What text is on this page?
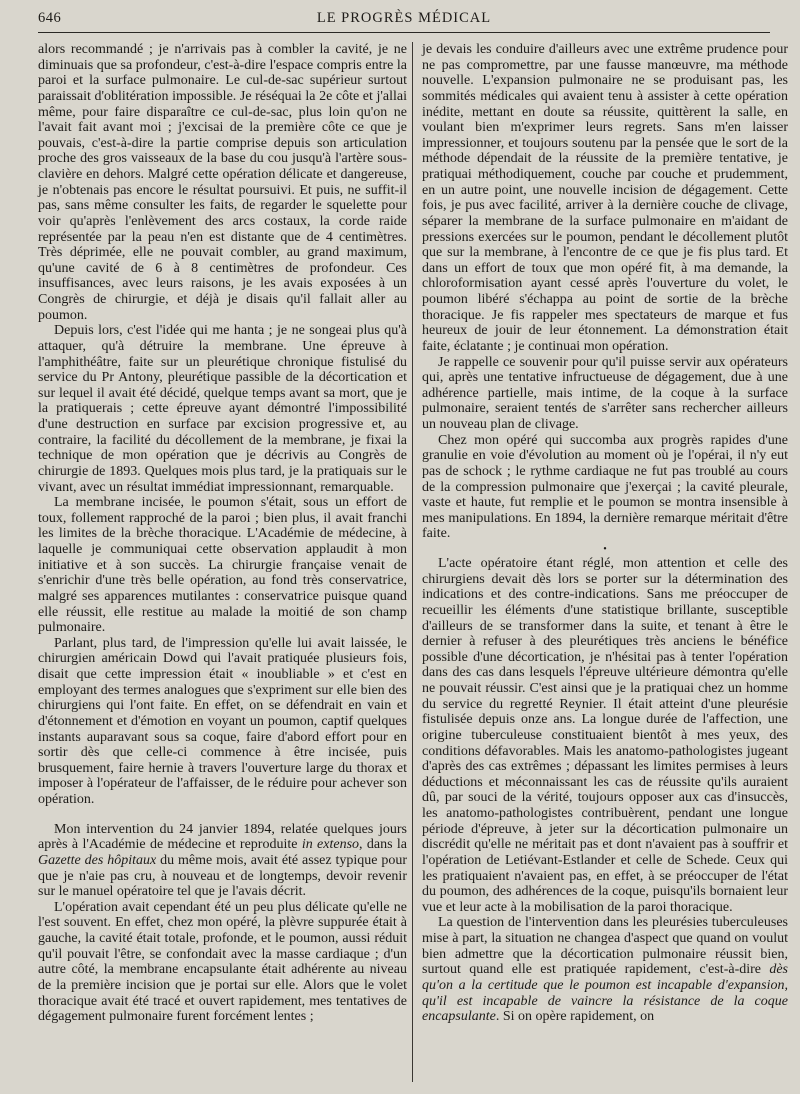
646	LE PROGRÈS MÉDICAL

alors recommandé ; je n'arrivais pas à combler la cavité, je ne diminuais que sa profondeur, c'est-à-dire l'espace compris entre la paroi et la surface pulmonaire. Le cul-de-sac supérieur surtout paraissait d'oblitération impossible. Je réséquai la 2e côte et j'allai même, pour faire disparaître ce cul-de-sac, plus loin qu'on ne l'avait fait avant moi ; j'excisai de la première côte ce que je pouvais, c'est-à-dire la partie comprise depuis son articulation proche des gros vaisseaux de la base du cou jusqu'à l'artère sous-clavière en dehors. Malgré cette opération délicate et dangereuse, je n'obtenais pas encore le résultat poursuivi. Et puis, ne suffit-il pas, sans même consulter les faits, de regarder le squelette pour voir qu'après l'enlèvement des arcs costaux, la corde raide représentée par la peau n'en est distante que de 4 centimètres. Très déprimée, elle ne pouvait combler, au grand maximum, qu'une cavité de 6 à 8 centimètres de profondeur. Ces insuffisances, avec leurs raisons, je les avais exposées à un Congrès de chirurgie, et déjà je disais qu'il fallait aller au poumon.

Depuis lors, c'est l'idée qui me hanta ; je ne songeai plus qu'à attaquer, qu'à détruire la membrane. Une épreuve à l'amphithéâtre, faite sur un pleurétique chronique fistulisé du service du Pr Antony, pleurétique passible de la décortication et sur lequel il avait été décidé, quelque temps avant sa mort, que je la pratiquerais ; cette épreuve ayant démontré l'impossibilité d'une destruction en surface par excision progressive et, au contraire, la facilité du décollement de la membrane, je fixai la technique de mon opération que je décrivis au Congrès de chirurgie de 1893. Quelques mois plus tard, je la pratiquais sur le vivant, avec un résultat immédiat impressionnant, remarquable.

La membrane incisée, le poumon s'était, sous un effort de toux, follement rapproché de la paroi ; bien plus, il avait franchi les limites de la brèche thoracique. L'Académie de médecine, à laquelle je communiquai cette observation applaudit à mon initiative et à son succès. La chirurgie française venait de s'enrichir d'une très belle opération, au fond très conservatrice, malgré ses apparences mutilantes : conservatrice puisque quand elle réussit, elle restitue au malade la moitié de son champ pulmonaire.

Parlant, plus tard, de l'impression qu'elle lui avait laissée, le chirurgien américain Dowd qui l'avait pratiquée plusieurs fois, disait que cette impression était « inoubliable » et c'est en employant des termes analogues que s'expriment sur elle bien des chirurgiens qui l'ont faite. En effet, on se défendrait en vain et d'étonnement et d'émotion en voyant un poumon, captif quelques instants auparavant sous sa coque, faire d'abord effort pour en sortir dès que celle-ci commence à être incisée, puis brusquement, faire hernie à travers l'ouverture large du thorax et imposer à l'opérateur de l'affaisser, de le réduire pour achever son opération.

Mon intervention du 24 janvier 1894, relatée quelques jours après à l'Académie de médecine et reproduite in extenso, dans la Gazette des hôpitaux du même mois, avait été assez typique pour que je n'aie pas cru, à nouveau et de longtemps, devoir revenir sur le manuel opératoire tel que je l'avais décrit.

L'opération avait cependant été un peu plus délicate qu'elle ne l'est souvent. En effet, chez mon opéré, la plèvre suppurée était à gauche, la cavité était totale, profonde, et le poumon, aussi réduit qu'il pouvait l'être, se confondait avec la masse cardiaque ; d'un autre côté, la membrane encapsulante était adhérente au niveau de la première incision que je portai sur elle. Alors que le volet thoracique avait été tracé et ouvert rapidement, mes tentatives de dégagement pulmonaire furent forcément lentes ;

je devais les conduire d'ailleurs avec une extrême prudence pour ne pas compromettre, par une fausse manœuvre, ma méthode nouvelle. L'expansion pulmonaire ne se produisant pas, les sommités médicales qui avaient tenu à assister à cette opération inédite, mettant en doute sa réussite, quittèrent la salle, en voulant bien m'exprimer leurs regrets. Sans m'en laisser impressionner, et toujours soutenu par la pensée que le sort de la méthode dépendait de la réussite de la première tentative, je pratiquai méthodiquement, couche par couche et prudemment, en un autre point, une nouvelle incision de dégagement. Cette fois, je pus avec facilité, arriver à la dernière couche de clivage, séparer la membrane de la surface pulmonaire en m'aidant de pressions exercées sur le poumon, pendant le décollement plutôt que sur la membrane, à l'encontre de ce que je fis plus tard. Et dans un effort de toux que mon opéré fit, à ma demande, la chloroformisation ayant cessé après l'ouverture du volet, le poumon libéré s'échappa au point de sortie de la brèche thoracique. Je fis rappeler mes spectateurs de marque et fus heureux de jouir de leur étonnement. La démonstration était faite, éclatante ; je continuai mon opération.

Je rappelle ce souvenir pour qu'il puisse servir aux opérateurs qui, après une tentative infructueuse de dégagement, due à une adhérence partielle, mais intime, de la coque à la surface pulmonaire, seraient tentés de s'arrêter sans rechercher ailleurs un nouveau plan de clivage.

Chez mon opéré qui succomba aux progrès rapides d'une granulie en voie d'évolution au moment où je l'opérai, il n'y eut pas de schock ; le rythme cardiaque ne fut pas troublé au cours de la compression pulmonaire que j'exerçai ; la cavité pleurale, vaste et haute, fut remplie et le poumon se montra insensible à mes manipulations. En 1894, la dernière remarque méritait d'être faite.

•

L'acte opératoire étant réglé, mon attention et celle des chirurgiens devait dès lors se porter sur la détermination des indications et des contre-indications. Sans me préoccuper de recueillir les éléments d'une statistique brillante, susceptible d'ailleurs de se transformer dans la suite, et tenant à être le dernier à refuser à des pleurétiques très anciens le bénéfice possible d'une décortication, je n'hésitai pas à tenter l'opération dans des cas dans lesquels l'épreuve ultérieure démontra qu'elle ne pouvait réussir. C'est ainsi que je la pratiquai chez un homme du service du regretté Reynier. Il était atteint d'une pleurésie fistulisée depuis onze ans. La longue durée de l'affection, une origine tuberculeuse constituaient bientôt à mes yeux, des conditions défavorables. Mais les anatomo-pathologistes jugeant d'après des cas extrêmes ; dépassant les limites permises à leurs déductions et méconnaissant les cas de réussite qu'ils auraient dû, par souci de la vérité, toujours opposer aux cas d'insuccès, les anatomo-pathologistes contribuèrent, pendant une longue période d'épreuve, à jeter sur la décortication pulmonaire un discrédit qu'elle ne méritait pas et dont n'avaient pas à souffrir et l'opération de Letiévant-Estlander et celle de Schede. Ceux qui les pratiquaient n'avaient pas, en effet, à se préoccuper de l'état du poumon, des adhérences de la coque, puisqu'ils bornaient leur vue et leur acte à la mobilisation de la paroi thoracique.

La question de l'intervention dans les pleurésies tuberculeuses mise à part, la situation ne changea d'aspect que quand on voulut bien admettre que la décortication pulmonaire réussit bien, surtout quand elle est pratiquée rapidement, c'est-à-dire dès qu'on a la certitude que le poumon est incapable d'expansion, qu'il est incapable de vaincre la résistance de la coque encapsulante. Si on opère rapidement, on
